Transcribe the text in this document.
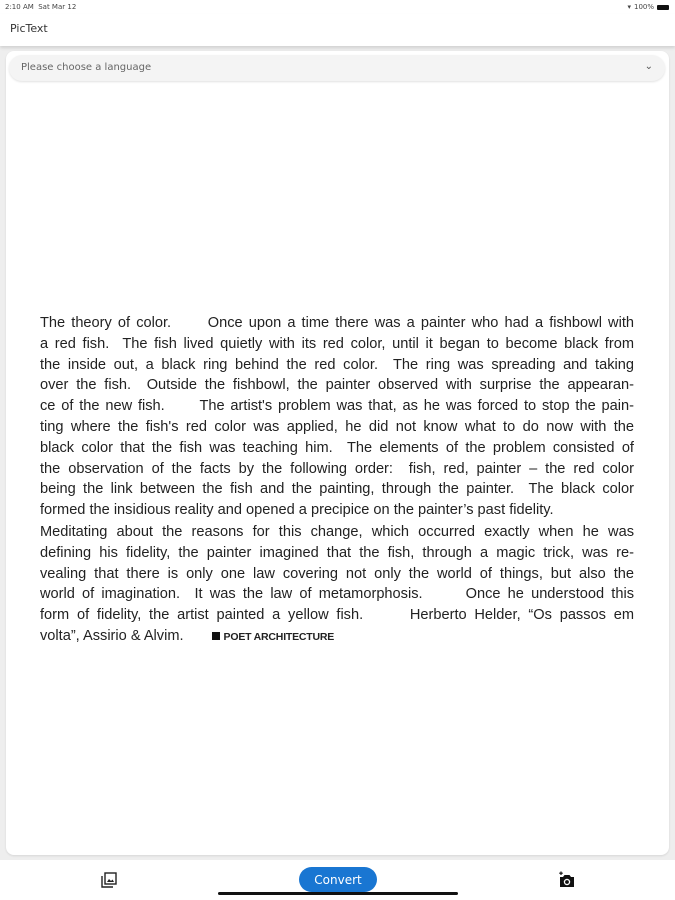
2:10 AM Sat Mar 12	▾ 100%
PicText
Please choose a language	⌄
The theory of color.      Once upon a time there was a painter who had a fishbowl with
a red fish.  The fish lived quietly with its red color, until it began to become black from
the inside out, a black ring behind the red color.  The ring was spreading and taking
over the fish.  Outside the fishbowl, the painter observed with surprise the appearan-
ce of the new fish.      The artist's problem was that, as he was forced to stop the pain-
ting where the fish's red color was applied, he did not know what to do now with the
black color that the fish was teaching him.  The elements of the problem consisted of
the observation of the facts by the following order:  fish, red, painter – the red color
being the link between the fish and the painting, through the painter.  The black color
formed the insidious reality and opened a precipice on the painter’s past fidelity.
Meditating about the reasons for this change, which occurred exactly when he was
defining his fidelity, the painter imagined that the fish, through a magic trick, was re-
vealing that there is only one law covering not only the world of things, but also the
world of imagination.  It was the law of metamorphosis.      Once he understood this
form of fidelity, the artist painted a yellow fish.      Herberto Helder, “Os passos em
volta”, Assirio & Alvim.	POET ARCHITECTURE
Convert
